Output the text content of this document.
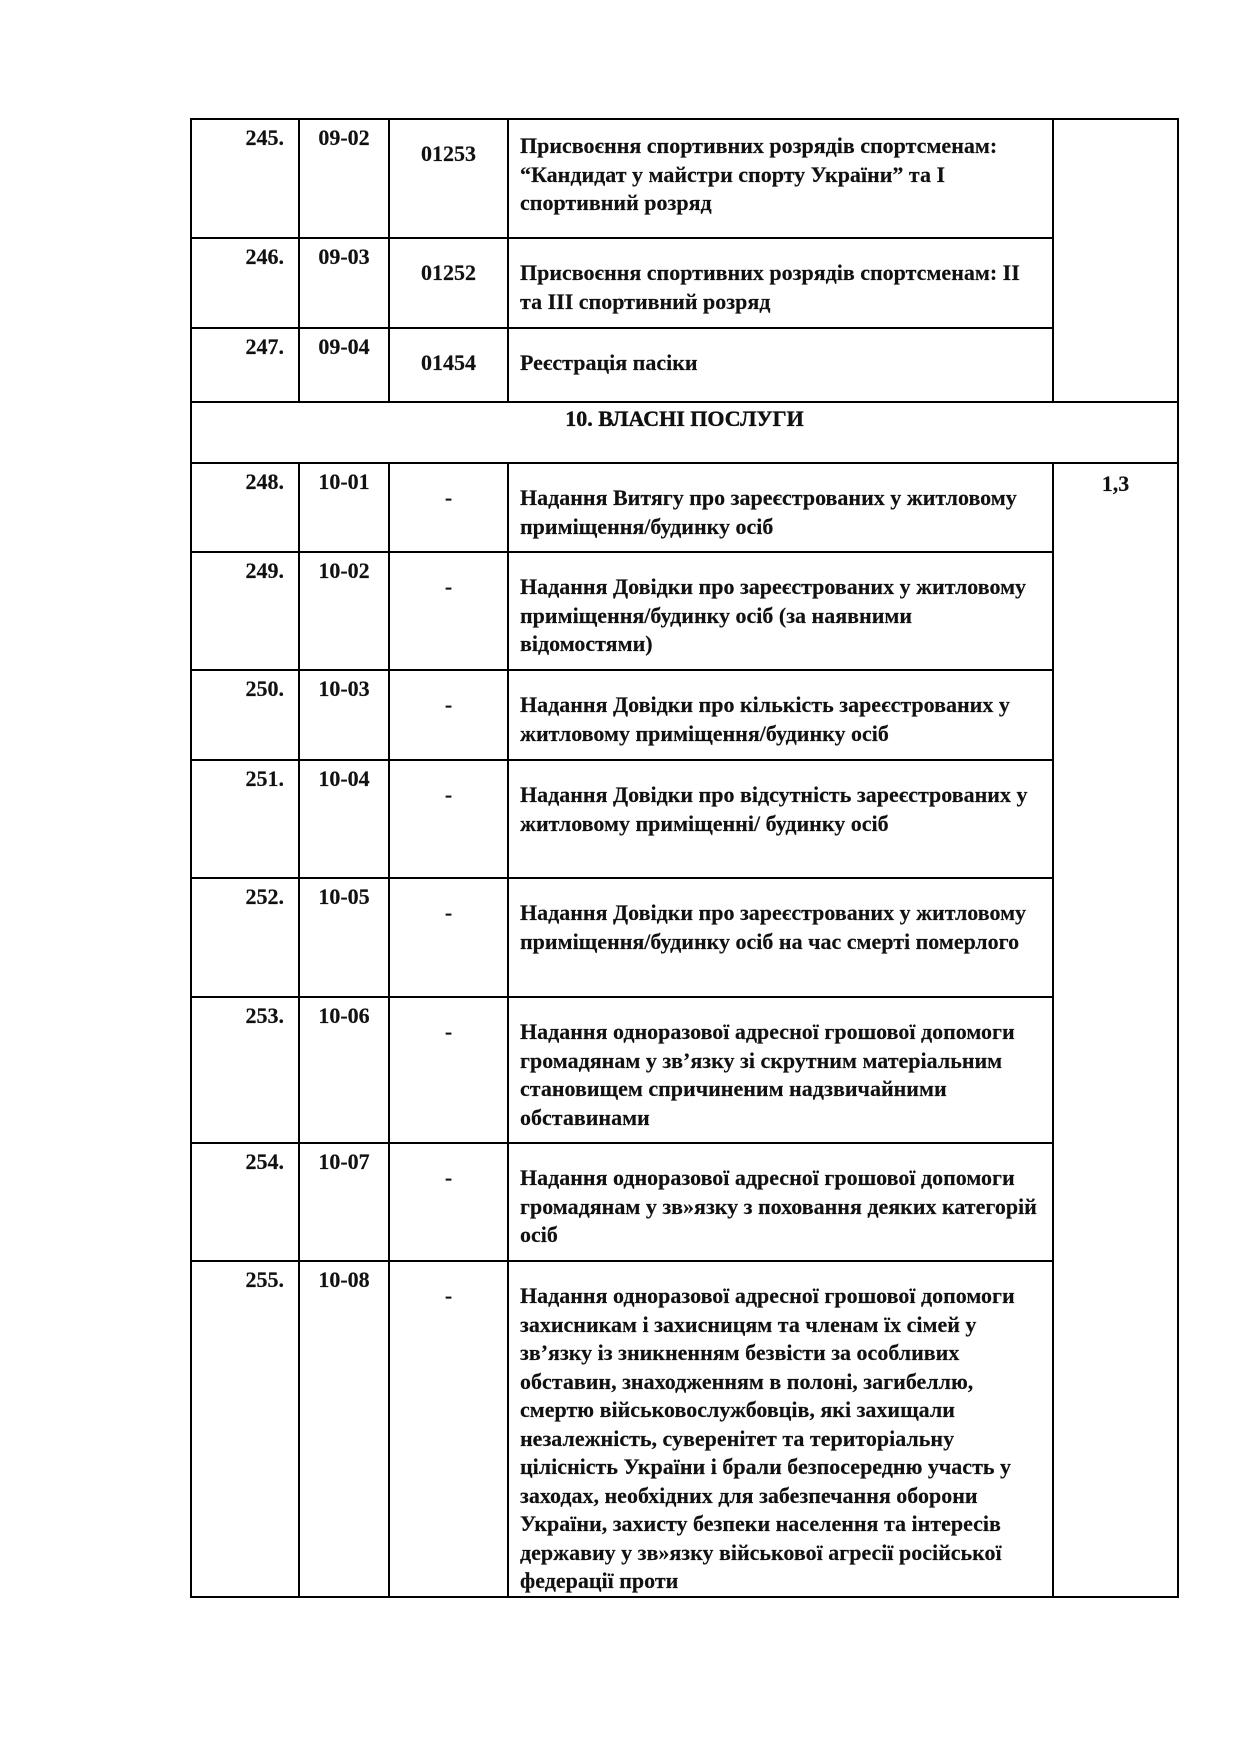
245.	09-02	01253	Присвоєння спортивних розрядів спортсменам: “Кандидат у майстри спорту України” та I спортивний розряд	
246.	09-03	01252	Присвоєння спортивних розрядів спортсменам: II та III спортивний розряд	
247.	09-04	01454	Реєстрація пасіки	
10. ВЛАСНІ ПОСЛУГИ				
248.	10-01	-	Надання Витягу про зареєстрованих у житловому приміщення/будинку осіб	1,3
249.	10-02	-	Надання Довідки про зареєстрованих у житловому приміщення/будинку осіб (за наявними відомостями)	
250.	10-03	-	Надання Довідки про кількість зареєстрованих у житловому приміщення/будинку осіб	
251.	10-04	-	Надання Довідки про відсутність зареєстрованих у житловому приміщенні/ будинку осіб	
252.	10-05	-	Надання Довідки про зареєстрованих у житловому приміщення/будинку осіб на час смерті померлого	
253.	10-06	-	Надання одноразової адресної грошової допомоги громадянам у зв’язку зі скрутним матеріальним становищем спричиненим надзвичайними обставинами	
254.	10-07	-	Надання одноразової адресної грошової допомоги громадянам у зв»язку з поховання деяких категорій осіб	
255.	10-08	-	Надання одноразової адресної грошової допомоги захисникам і захисницям та членам їх сімей у зв’язку із зникненням безвісти за особливих обставин, знаходженням в полоні, загибеллю, смертю військовослужбовців, які захищали незалежність, суверенітет та територіальну цілісність України і брали безпосередню участь у заходах, необхідних для забезпечання оборони України, захисту безпеки населення та інтересів державиу у зв»язку військової агресії російської федерації проти	
